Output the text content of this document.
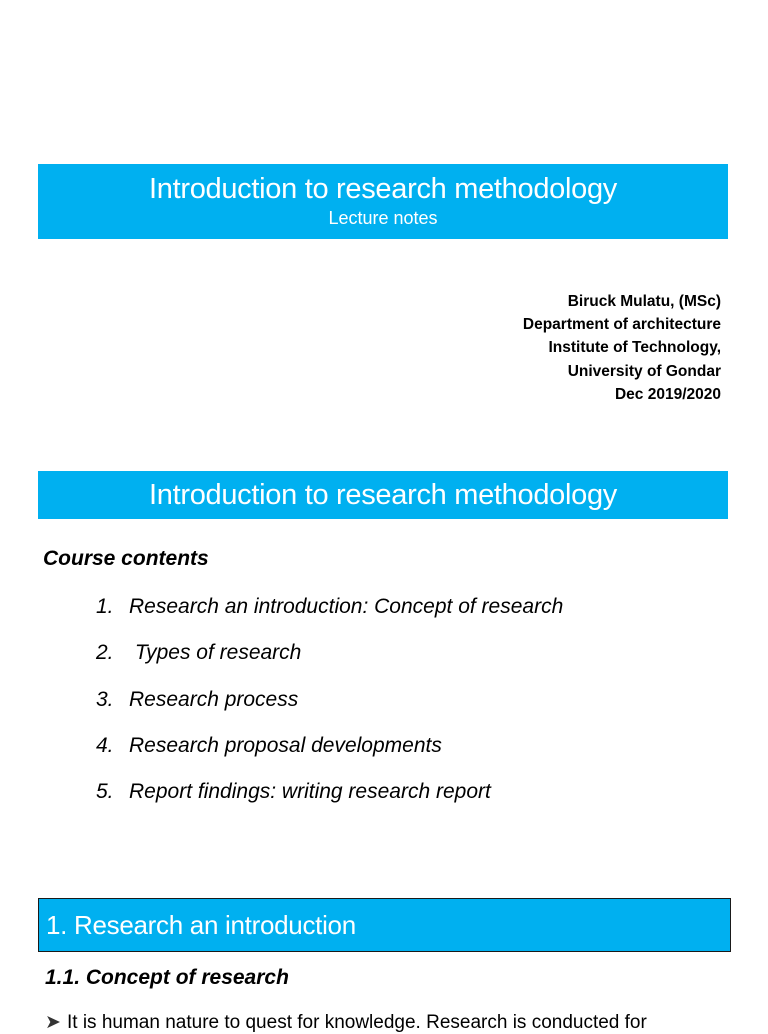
Introduction to research methodology
Lecture notes
Biruck Mulatu, (MSc)
Department of architecture
Institute of Technology,
University of Gondar
Dec 2019/2020
Introduction to research methodology

Course contents

1. Research an introduction: Concept of research
2. Types of research
3. Research process
4. Research proposal developments
5. Report findings: writing research report
1. Research an introduction

1.1. Concept of research

➤ It is human nature to quest for knowledge. Research is conducted for
